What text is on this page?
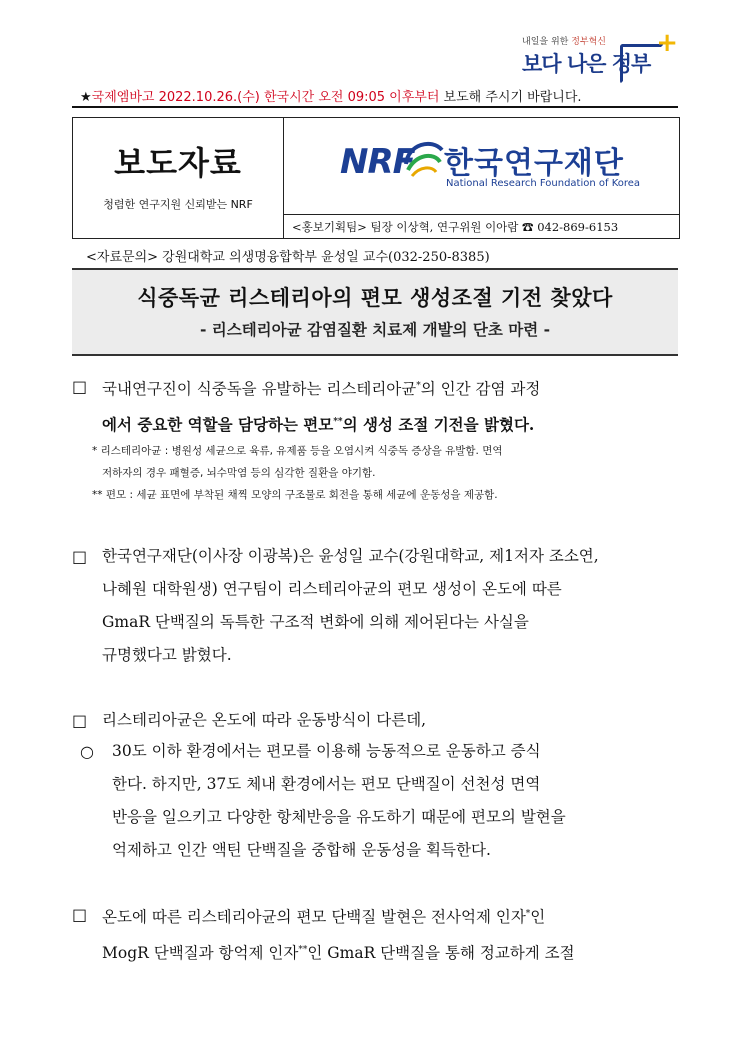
내일을 위한 정부혁신
보다 나은 정부
+
★국제엠바고 2022.10.26.(수) 한국시간 오전 09:05 이후부터 보도해 주시기 바랍니다.
보도자료
청렴한 연구지원 신뢰받는 NRF
NRF 한국연구재단
National Research Foundation of Korea
<홍보기획팀> 팀장 이상혁, 연구위원 이아람 ☎ 042-869-6153
<자료문의> 강원대학교 의생명융합학부 윤성일 교수(032-250-8385)
식중독균 리스테리아의 편모 생성조절 기전 찾았다
- 리스테리아균 감염질환 치료제 개발의 단초 마련 -
□ 국내연구진이 식중독을 유발하는 리스테리아균*의 인간 감염 과정
에서 중요한 역할을 담당하는 편모**의 생성 조절 기전을 밝혔다.
* 리스테리아균 : 병원성 세균으로 육류, 유제품 등을 오염시켜 식중독 증상을 유발함. 면역
저하자의 경우 패혈증, 뇌수막염 등의 심각한 질환을 야기함.
** 편모 : 세균 표면에 부착된 채찍 모양의 구조물로 회전을 통해 세균에 운동성을 제공함.
□ 한국연구재단(이사장 이광복)은 윤성일 교수(강원대학교, 제1저자 조소연,
나혜원 대학원생) 연구팀이 리스테리아균의 편모 생성이 온도에 따른
GmaR 단백질의 독특한 구조적 변화에 의해 제어된다는 사실을
규명했다고 밝혔다.
□ 리스테리아균은 온도에 따라 운동방식이 다른데,
○	30도 이하 환경에서는 편모를 이용해 능동적으로 운동하고 증식
한다. 하지만, 37도 체내 환경에서는 편모 단백질이 선천성 면역
반응을 일으키고 다양한 항체반응을 유도하기 때문에 편모의 발현을
억제하고 인간 액틴 단백질을 중합해 운동성을 획득한다.
□ 온도에 따른 리스테리아균의 편모 단백질 발현은 전사억제 인자*인
MogR 단백질과 항억제 인자**인 GmaR 단백질을 통해 정교하게 조절
